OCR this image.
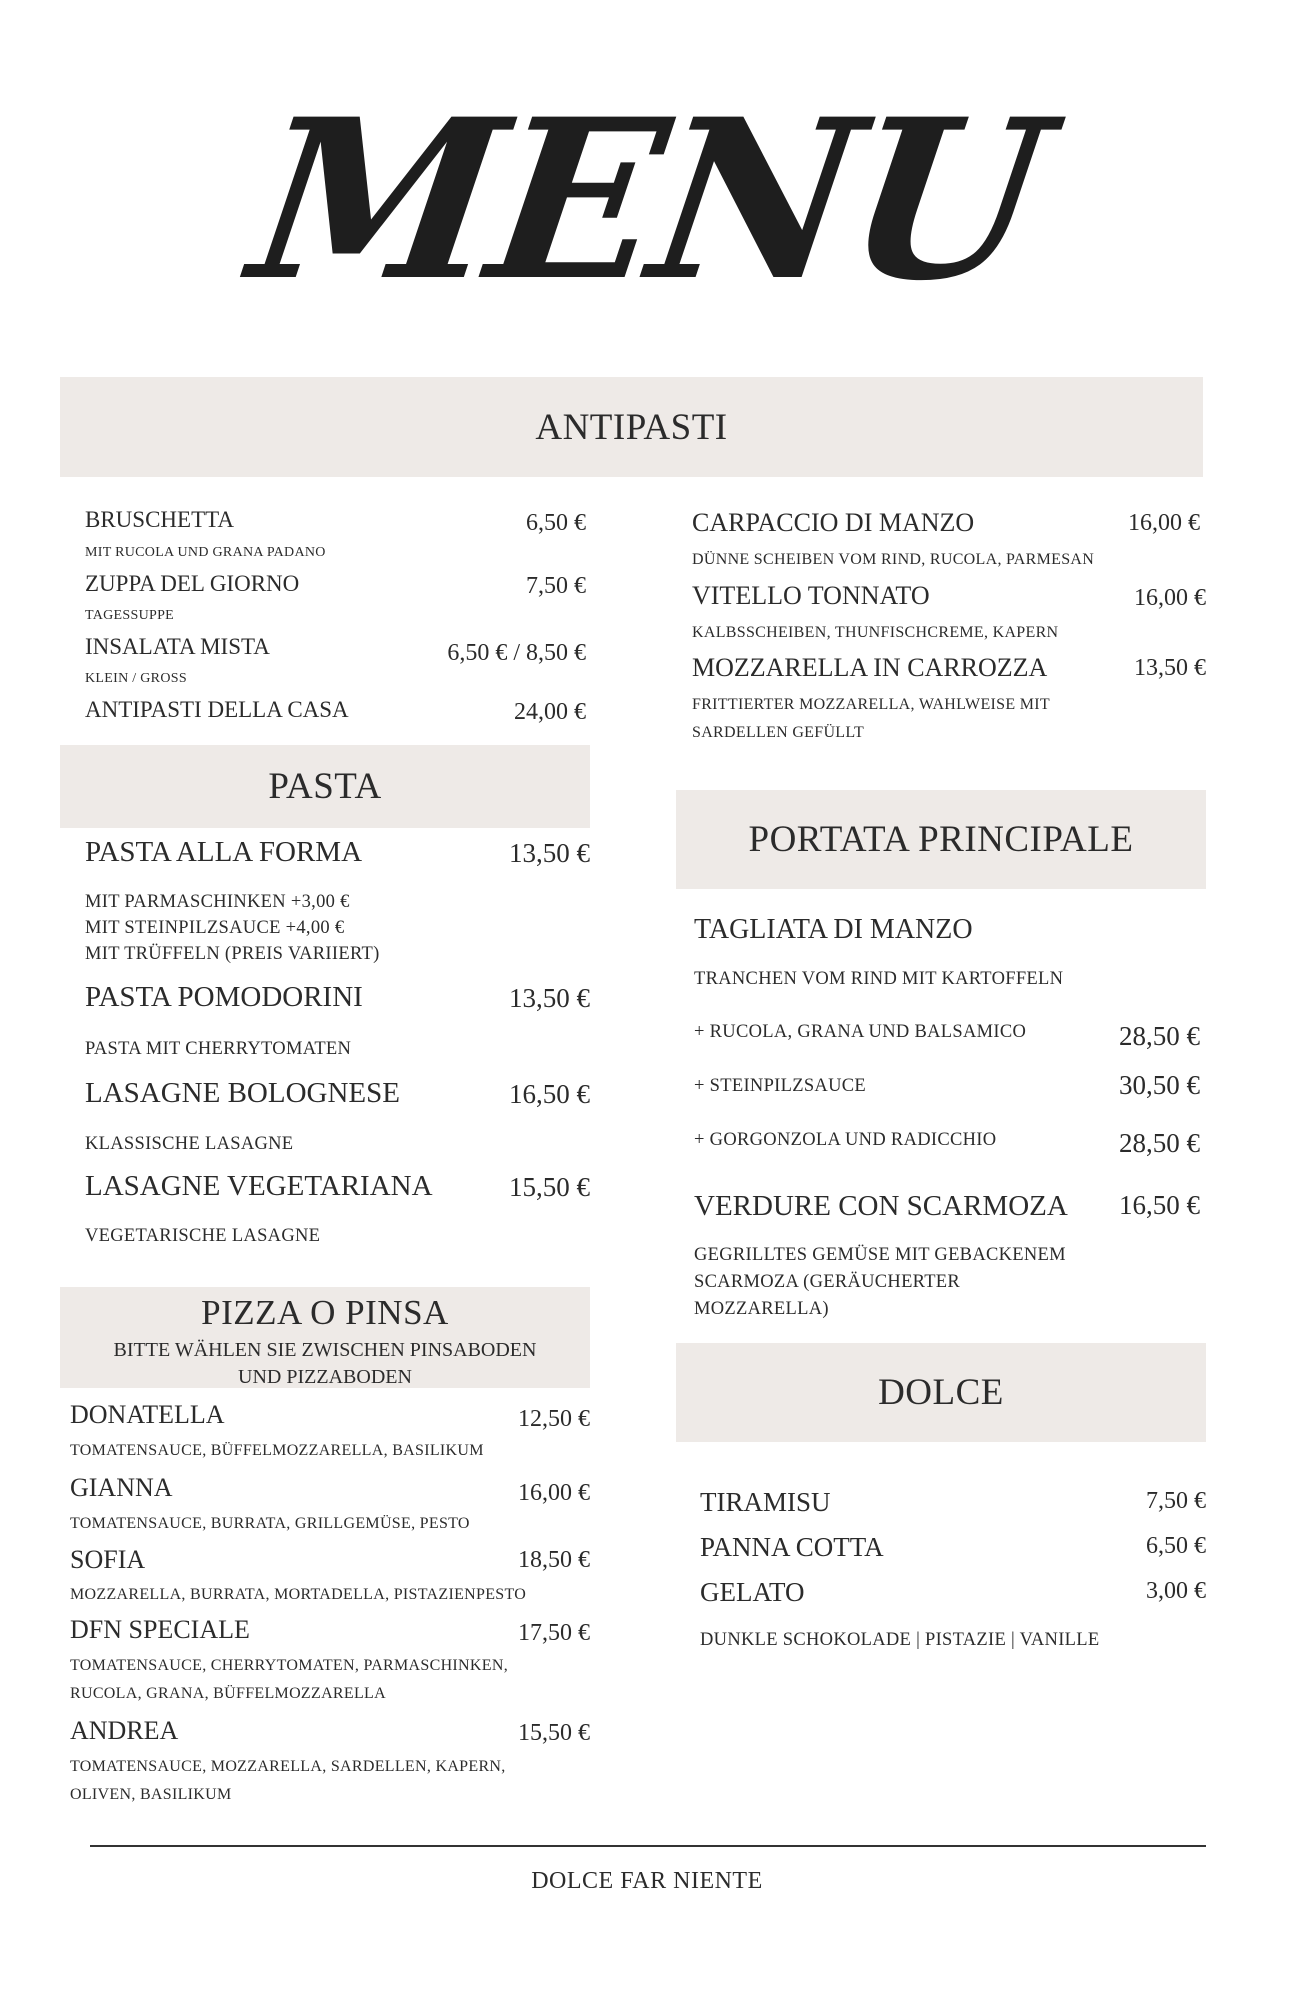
MENU
ANTIPASTI
BRUSCHETTA	6,50 €
MIT RUCOLA UND GRANA PADANO
ZUPPA DEL GIORNO	7,50 €
TAGESSUPPE
INSALATA MISTA	6,50 € / 8,50 €
KLEIN / GROSS
ANTIPASTI DELLA CASA	24,00 €
CARPACCIO DI MANZO	16,00 €
DÜNNE SCHEIBEN VOM RIND, RUCOLA, PARMESAN
VITELLO TONNATO	16,00 €
KALBSSCHEIBEN, THUNFISCHCREME, KAPERN
MOZZARELLA IN CARROZZA	13,50 €
FRITTIERTER MOZZARELLA, WAHLWEISE MIT
SARDELLEN GEFÜLLT
PASTA
PASTA ALLA FORMA	13,50 €
MIT PARMASCHINKEN +3,00 €
MIT STEINPILZSAUCE +4,00 €
MIT TRÜFFELN (PREIS VARIIERT)
PASTA POMODORINI	13,50 €
PASTA MIT CHERRYTOMATEN
LASAGNE BOLOGNESE	16,50 €
KLASSISCHE LASAGNE
LASAGNE VEGETARIANA	15,50 €
VEGETARISCHE LASAGNE
PIZZA O PINSA
BITTE WÄHLEN SIE ZWISCHEN PINSABODEN
UND PIZZABODEN
DONATELLA	12,50 €
TOMATENSAUCE, BÜFFELMOZZARELLA, BASILIKUM
GIANNA	16,00 €
TOMATENSAUCE, BURRATA, GRILLGEMÜSE, PESTO
SOFIA	18,50 €
MOZZARELLA, BURRATA, MORTADELLA, PISTAZIENPESTO
DFN SPECIALE	17,50 €
TOMATENSAUCE, CHERRYTOMATEN, PARMASCHINKEN,
RUCOLA, GRANA, BÜFFELMOZZARELLA
ANDREA	15,50 €
TOMATENSAUCE, MOZZARELLA, SARDELLEN, KAPERN,
OLIVEN, BASILIKUM
PORTATA PRINCIPALE
TAGLIATA DI MANZO
TRANCHEN VOM RIND MIT KARTOFFELN
+ RUCOLA, GRANA UND BALSAMICO	28,50 €
+ STEINPILZSAUCE	30,50 €
+ GORGONZOLA UND RADICCHIO	28,50 €
VERDURE CON SCARMOZA	16,50 €
GEGRILLTES GEMÜSE MIT GEBACKENEM
SCARMOZA (GERÄUCHERTER
MOZZARELLA)
DOLCE
TIRAMISU	7,50 €
PANNA COTTA	6,50 €
GELATO	3,00 €
DUNKLE SCHOKOLADE | PISTAZIE | VANILLE
DOLCE FAR NIENTE
